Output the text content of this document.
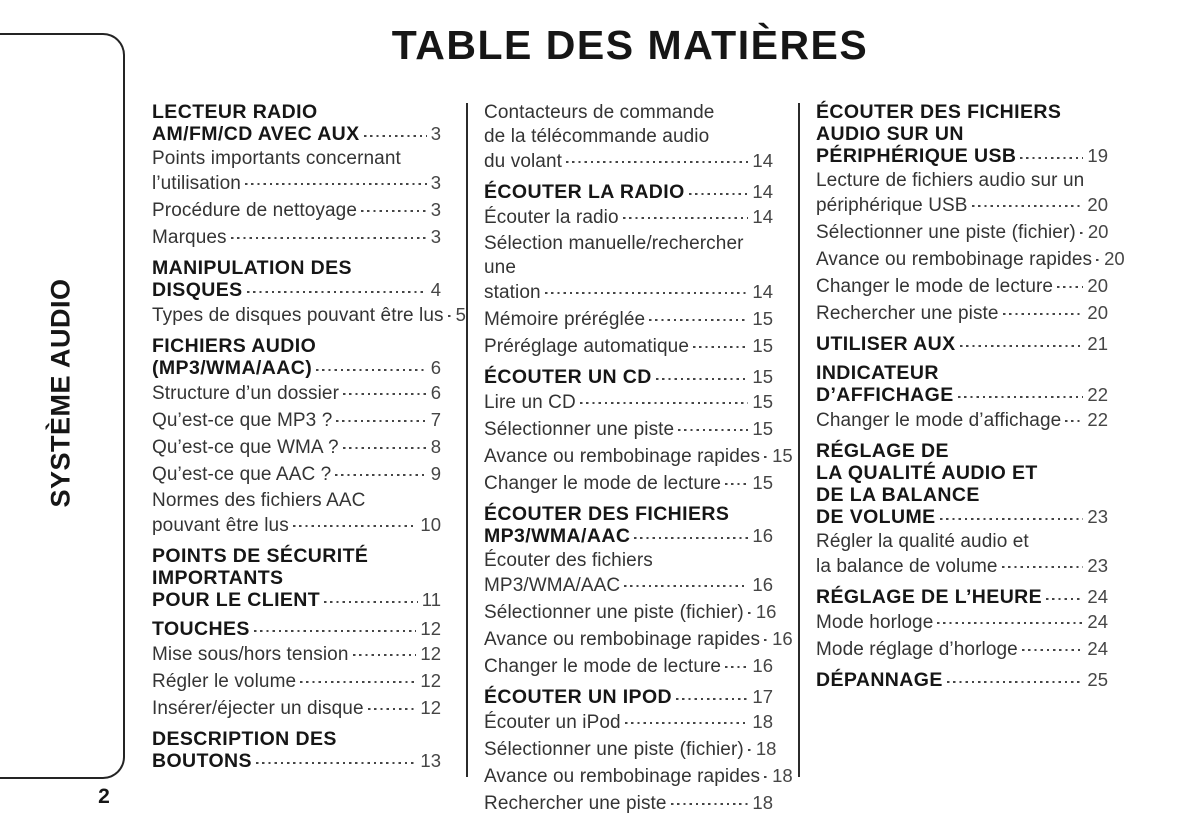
SYSTÈME AUDIO
2
TABLE DES MATIÈRES
LECTEUR RADIO
AM/FM/CD AVEC AUX	3
Points importants concernant
l’utilisation	3
Procédure de nettoyage	3
Marques	3
MANIPULATION DES
DISQUES	4
Types de disques pouvant être lus 5
FICHIERS AUDIO
(MP3/WMA/AAC)	6
Structure d’un dossier	6
Qu’est-ce que MP3 ?	7
Qu’est-ce que WMA ?	8
Qu’est-ce que AAC ?	9
Normes des fichiers AAC
pouvant être lus	10
POINTS DE SÉCURITÉ
IMPORTANTS
POUR LE CLIENT	11
TOUCHES	12
Mise sous/hors tension	12
Régler le volume	12
Insérer/éjecter un disque	12
DESCRIPTION DES
BOUTONS	13
Contacteurs de commande
de la télécommande audio
du volant	14
ÉCOUTER LA RADIO	14
Écouter la radio	14
Sélection manuelle/rechercher une
station	14
Mémoire préréglée	15
Préréglage automatique	15
ÉCOUTER UN CD	15
Lire un CD	15
Sélectionner une piste	15
Avance ou rembobinage rapides 15
Changer le mode de lecture 15
ÉCOUTER DES FICHIERS
MP3/WMA/AAC	16
Écouter des fichiers
MP3/WMA/AAC	16
Sélectionner une piste (fichier) 16
Avance ou rembobinage rapides 16
Changer le mode de lecture 16
ÉCOUTER UN IPOD	17
Écouter un iPod	18
Sélectionner une piste (fichier) 18
Avance ou rembobinage rapides 18
Rechercher une piste	18
ÉCOUTER DES FICHIERS
AUDIO SUR UN
PÉRIPHÉRIQUE USB	19
Lecture de fichiers audio sur un
périphérique USB	20
Sélectionner une piste (fichier) 20
Avance ou rembobinage rapides 20
Changer le mode de lecture 20
Rechercher une piste	20
UTILISER AUX	21
INDICATEUR
D’AFFICHAGE	22
Changer le mode d’affichage 22
RÉGLAGE DE
LA QUALITÉ AUDIO ET
DE LA BALANCE
DE VOLUME	23
Régler la qualité audio et
la balance de volume	23
RÉGLAGE DE L’HEURE 24
Mode horloge	24
Mode réglage d’horloge	24
DÉPANNAGE	25
